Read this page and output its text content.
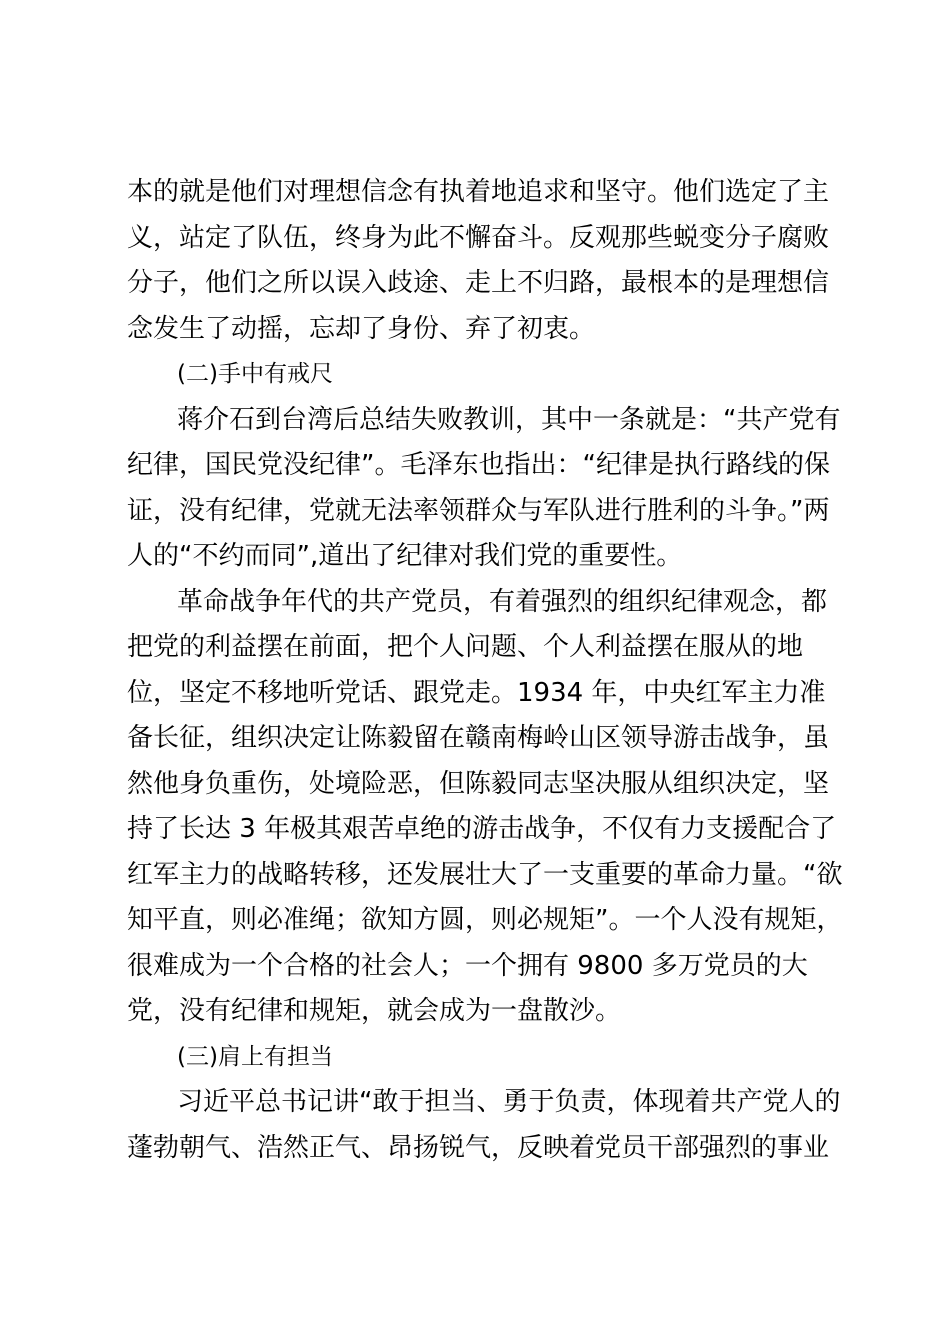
本的就是他们对理想信念有执着地追求和坚守。他们选定了主
义，站定了队伍，终身为此不懈奋斗。反观那些蜕变分子腐败
分子，他们之所以误入歧途、走上不归路，最根本的是理想信
念发生了动摇，忘却了身份、弃了初衷。
(二)手中有戒尺
蒋介石到台湾后总结失败教训，其中一条就是：“共产党有
纪律，国民党没纪律”。毛泽东也指出：“纪律是执行路线的保
证，没有纪律，党就无法率领群众与军队进行胜利的斗争。”两
人的“不约而同”,道出了纪律对我们党的重要性。
革命战争年代的共产党员，有着强烈的组织纪律观念，都
把党的利益摆在前面，把个人问题、个人利益摆在服从的地
位，坚定不移地听党话、跟党走。1934 年，中央红军主力准
备长征，组织决定让陈毅留在赣南梅岭山区领导游击战争，虽
然他身负重伤，处境险恶，但陈毅同志坚决服从组织决定，坚
持了长达 3 年极其艰苦卓绝的游击战争，不仅有力支援配合了
红军主力的战略转移，还发展壮大了一支重要的革命力量。“欲
知平直，则必准绳；欲知方圆，则必规矩”。一个人没有规矩，
很难成为一个合格的社会人；一个拥有 9800 多万党员的大
党，没有纪律和规矩，就会成为一盘散沙。
(三)肩上有担当
习近平总书记讲“敢于担当、勇于负责，体现着共产党人的
蓬勃朝气、浩然正气、昂扬锐气，反映着党员干部强烈的事业
